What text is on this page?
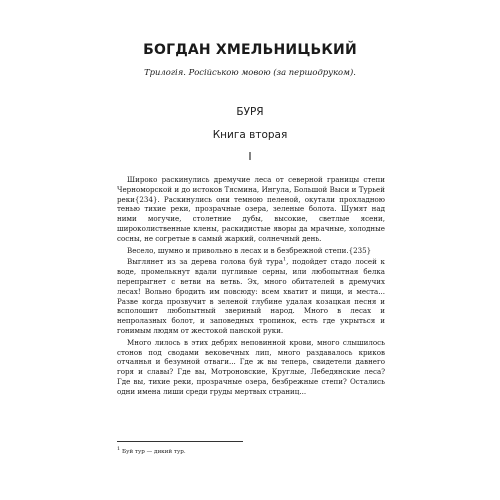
БОГДАН ХМЕЛЬНИЦЬКИЙ
Трилогія. Російською мовою (за першодруком).
БУРЯ
Книга вторая
I

Широко раскинулись дремучие леса от северной границы степи Черноморской и до истоков Тясмина, Ингула, Большой Выси и Турьей реки{234}. Раскинулись они темною пеленой, окутали прохладною тенью тихие реки, прозрачные озера, зеленые болота. Шумят над ними могучие, столетние дубы, высокие, светлые ясени, широколиственные клены, раскидистые яворы да мрачные, холодные сосны, не согретые в самый жаркий, солнечный день.

Весело, шумно и привольно в лесах и в безбрежной степи.{235}

Выглянет из за дерева голова буй тура$^1$, подойдет стадо лосей к воде, промелькнут вдали пугливые серны, или любопытная белка перепрыгнет с ветви на ветвь. Эх, много обитателей в дремучих лесах! Вольно бродить им повсюду: всем хватит и пищи, и места... Разве когда прозвучит в зеленой глубине удалая козацкая песня и всполошит любопытный звериный народ. Много в лесах и непролазных болот, и заповедных тропинок, есть где укрыться и гонимым людям от жестокой панской руки.

Много лилось в этих дебрях неповинной крови, много слышилось стонов под сводами вековечных лип, много раздавалось криков отчаянья и безумной отваги... Где ж вы теперь, свидетели давнего горя и славы? Где вы, Мотроновские, Круглые, Лебедянские леса? Где вы, тихие реки, прозрачные озера, безбрежные степи? Остались одни имена лиши среди груды мертвых страниц...

$^1$ Буй тур — дикий тур.
